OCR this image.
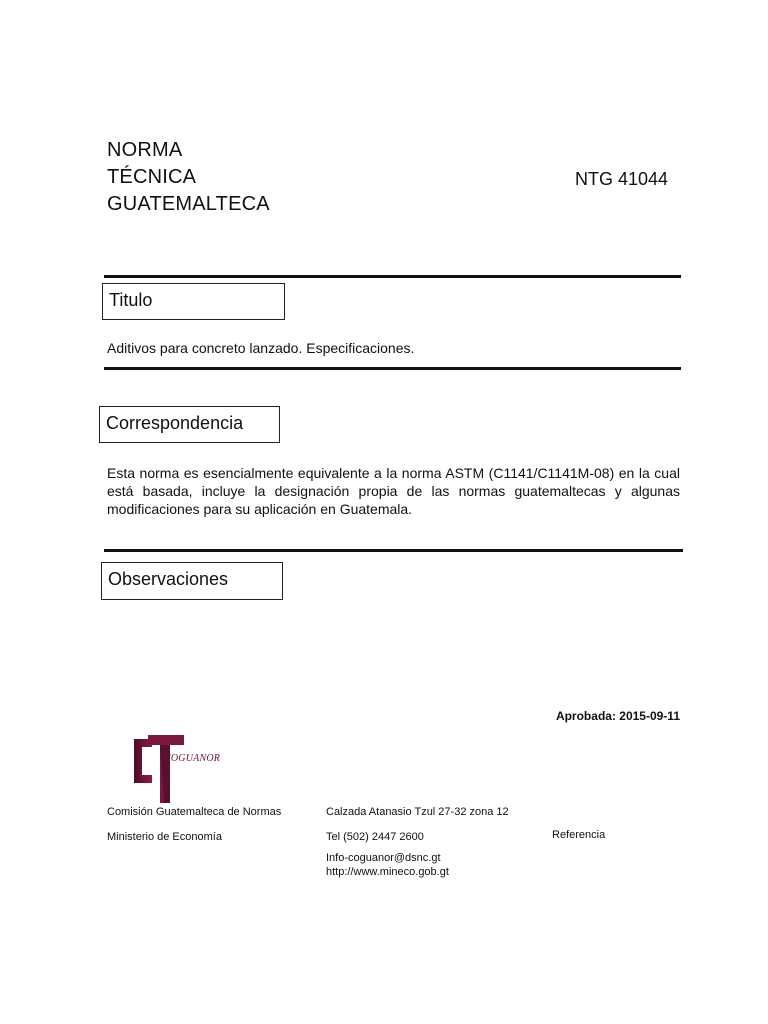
NORMA
TÉCNICA
GUATEMALTECA
NTG 41044
Titulo
Aditivos para concreto lanzado. Especificaciones.
Correspondencia
Esta norma es esencialmente equivalente a la norma ASTM (C1141/C1141M-08) en la cual está basada, incluye la designación propia de las normas guatemaltecas y algunas modificaciones para su aplicación en Guatemala.
Observaciones
Aprobada: 2015-09-11
COGUANOR
Comisión Guatemalteca de Normas
Ministerio de Economía
Calzada Atanasio Tzul 27-32 zona 12
Tel (502) 2447 2600
Info-coguanor@dsnc.gt
http://www.mineco.gob.gt
Referencia
